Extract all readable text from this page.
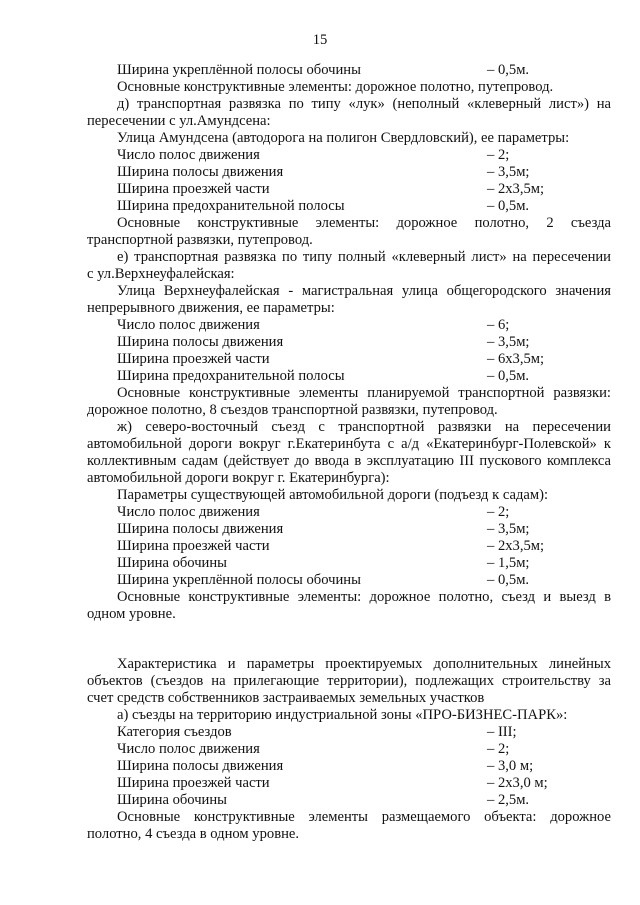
15
Ширина укреплённой полосы обочины	– 0,5м.
Основные конструктивные элементы: дорожное полотно, путепровод.
д) транспортная развязка по типу «лук» (неполный «клеверный лист») на
пересечении с ул.Амундсена:
Улица Амундсена (автодорога на полигон Свердловский), ее параметры:
Число полос движения	– 2;
Ширина полосы движения	– 3,5м;
Ширина проезжей части	– 2х3,5м;
Ширина предохранительной полосы	– 0,5м.
Основные конструктивные элементы: дорожное полотно, 2 съезда
транспортной развязки, путепровод.
е) транспортная развязка по типу полный «клеверный лист» на пересечении
с ул.Верхнеуфалейская:
Улица Верхнеуфалейская - магистральная улица общегородского значения
непрерывного движения, ее параметры:
Число полос движения	– 6;
Ширина полосы движения	– 3,5м;
Ширина проезжей части	– 6х3,5м;
Ширина предохранительной полосы	– 0,5м.
Основные конструктивные элементы планируемой транспортной развязки:
дорожное полотно, 8 съездов транспортной развязки, путепровод.
ж) северо-восточный съезд с транспортной развязки на пересечении
автомобильной дороги вокруг г.Екатеринбута с а/д «Екатеринбург-Полевской» к
коллективным садам (действует до ввода в эксплуатацию III пускового комплекса
автомобильной дороги вокруг г. Екатеринбурга):
Параметры существующей автомобильной дороги (подъезд к садам):
Число полос движения	– 2;
Ширина полосы движения	– 3,5м;
Ширина проезжей части	– 2х3,5м;
Ширина обочины	– 1,5м;
Ширина укреплённой полосы обочины	– 0,5м.
Основные конструктивные элементы: дорожное полотно, съезд и выезд в
одном уровне.
Характеристика и параметры проектируемых дополнительных линейных
объектов (съездов на прилегающие территории), подлежащих строительству за
счет средств собственников застраиваемых земельных участков
а) съезды на территорию индустриальной зоны «ПРО-БИЗНЕС-ПАРК»:
Категория съездов	– III;
Число полос движения	– 2;
Ширина полосы движения	– 3,0 м;
Ширина проезжей части	– 2х3,0 м;
Ширина обочины	– 2,5м.
Основные конструктивные элементы размещаемого объекта: дорожное
полотно, 4 съезда в одном уровне.
